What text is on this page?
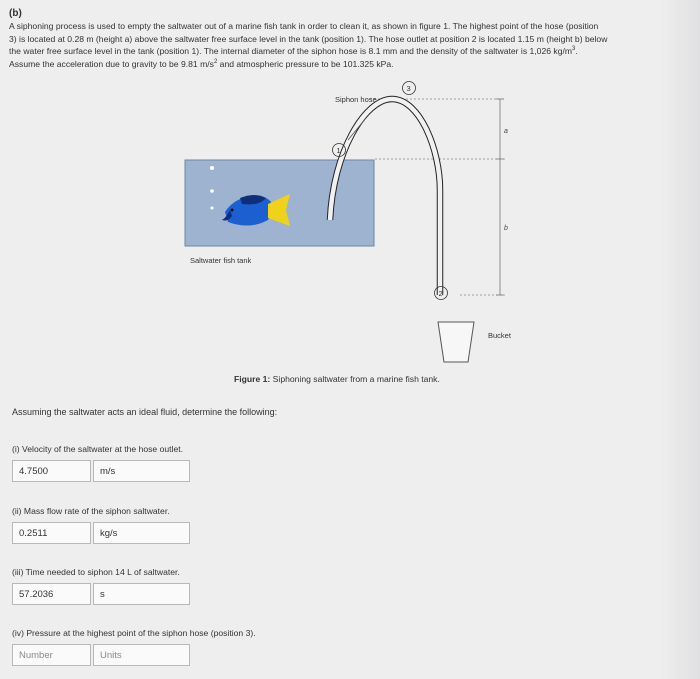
(b)

A siphoning process is used to empty the saltwater out of a marine fish tank in order to clean it, as shown in figure 1. The highest point of the hose (position

3) is located at 0.28 m (height a) above the saltwater free surface level in the tank (position 1). The hose outlet at position 2 is located 1.15 m (height b) below

the water free surface level in the tank (position 1). The internal diameter of the siphon hose is 8.1 mm and the density of the saltwater is 1,026 $kg/m^3$.

Assume the acceleration due to gravity to be 9.81 $m/s^2$ and atmospheric pressure to be 101.325 kPa.

a
b
Saltwater fish tank
Siphon hose
3
1
2
Bucket
Figure 1: Siphoning saltwater from a marine fish tank.
Assuming the saltwater acts an ideal fluid, determine the following:
(i) Velocity of the saltwater at the hose outlet.
4.7500	m/s
(ii) Mass flow rate of the siphon saltwater.
0.2511	kg/s
(iii) Time needed to siphon 14 L of saltwater.
57.2036	s
(iv) Pressure at the highest point of the siphon hose (position 3).
Number	Units
